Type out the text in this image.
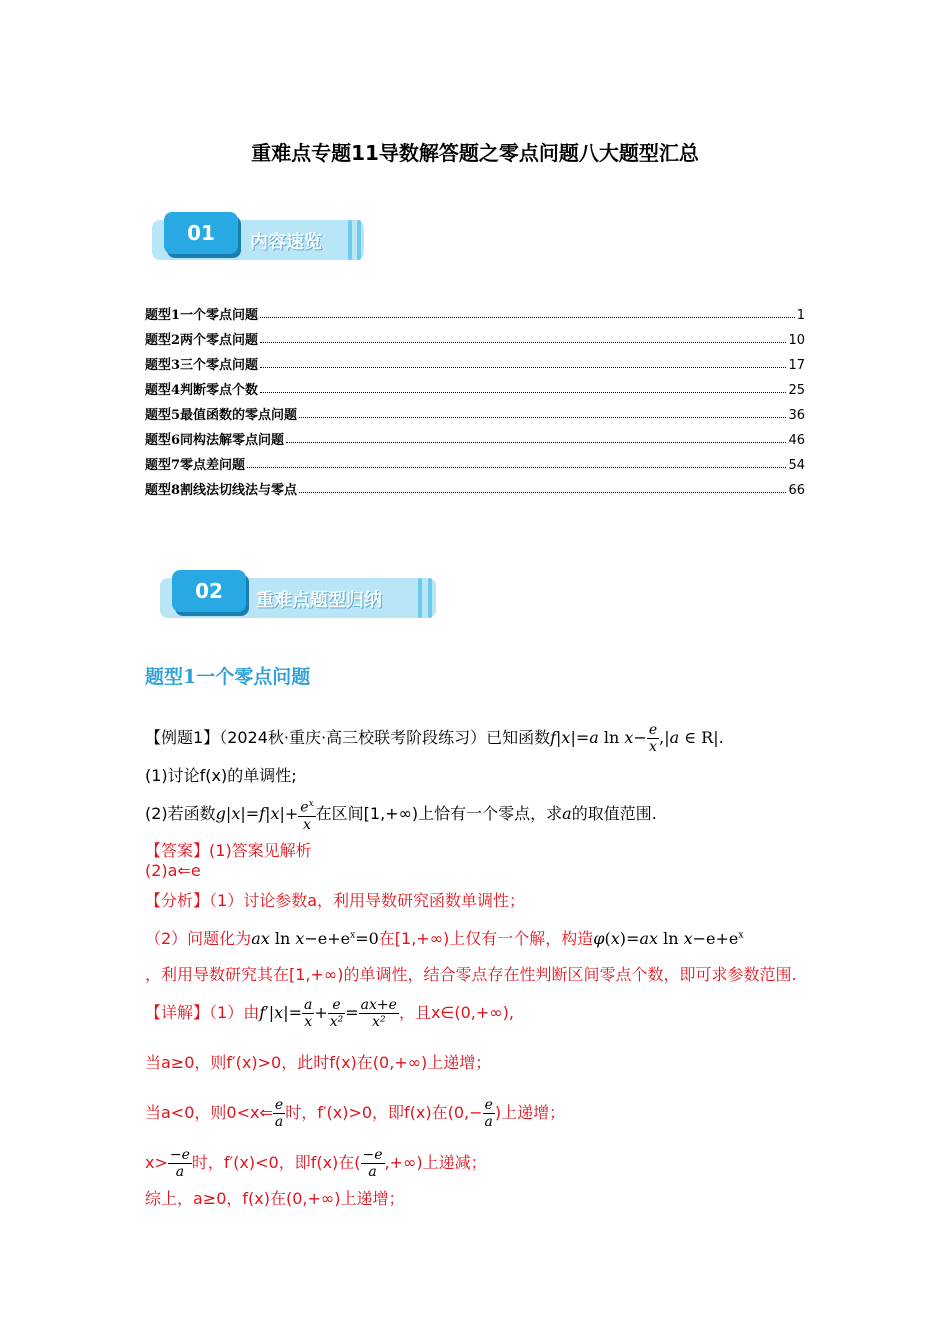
重难点专题11导数解答题之零点问题八大题型汇总
01	内容速览
题型1一个零点问题	1
题型2两个零点问题	10
题型3三个零点问题	17
题型4判断零点个数	25
题型5最值函数的零点问题	36
题型6同构法解零点问题	46
题型7零点差问题	54
题型8割线法切线法与零点	66
02	重难点题型归纳
题型1一个零点问题
【例题1】（2024秋·重庆·高三校联考阶段练习）已知函数f|x|=a $\ln x- \frac{e}{x} ,|a$ ∈ R|.
(1)讨论f(x)的单调性;
(2)若函数$g|x|=f|x|+ \frac{e^x}{x}$ 在区间[1,+∞)上恰有一个零点，求a的取值范围.
【答案】(1)答案见解析
(2)a⇐e
【分析】（1）讨论参数a，利用导数研究函数单调性；
（2）问题化为ax $\ln x-e+e^x=0$在[1,+∞)上仅有一个解，构造φ(x)=ax $\ln x-e+e^x$
，利用导数研究其在[1,+∞)的单调性，结合零点存在性判断区间零点个数，即可求参数范围.
【详解】（1）由$f'|x|= \frac{a}{x} + \frac{e}{\text{x²}} = \frac{ax+e}{\text{x²}}$ ，且x∈(0,+∞),
当a≥0，则f′(x)>0，此时f(x)在(0,+∞)上递增；
当a<0，则0<x⇐ $\frac{e}{a}$ 时，f′(x)>0，即f(x)在($0,- \frac{e}{a}$ )上递增；
$x> \frac{-e}{a}$ 时，f′(x)<0，即f(x)在( $\frac{-e}{a}$ ,+∞)上递减；
综上，a≥0，f(x)在(0,+∞)上递增；
